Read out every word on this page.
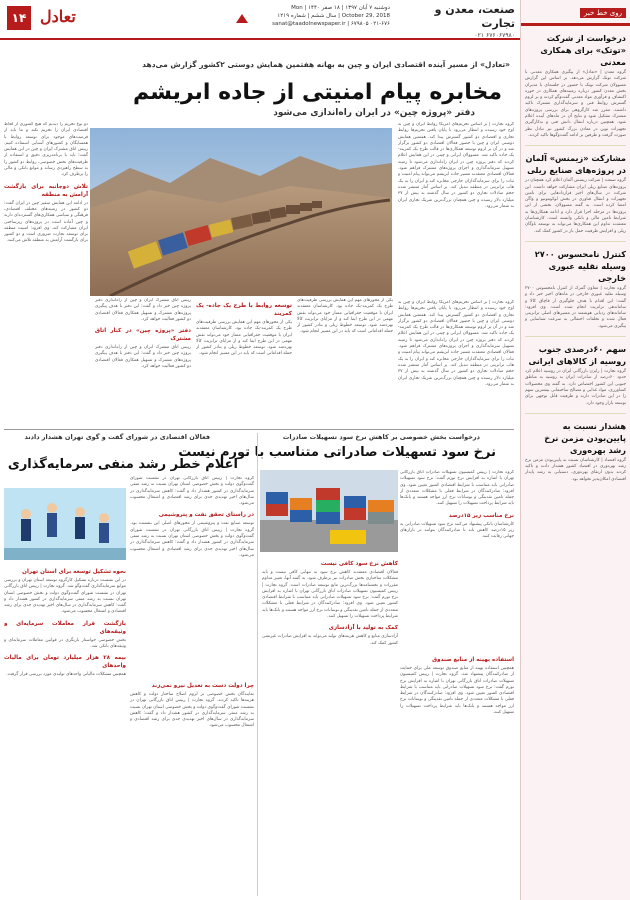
۱۴ تعادل	دوشنبه ۷ آبان ۱۳۹۷ | ۱۸ صفر ۱۴۴۰ | Mon October 29, 2018 | سال ششم | شماره ۱۲۱۹
sanat@taadolnewspaper.ir | ۶۷۹۸۰۵ ۰۲۱-۶۷۶
صنعت، معدن و تجارت
۶۷۶۰۶۷۹۸۰ ۰۲۱
روی خط خبر
درخواست از شرکت «توتک» برای همکاری معدنی
گروه معدن | «تعادل» از پیگیری همکاری معدنی با شرکت توتک گزارش می‌دهد. بر اساس این گزارش مسوولان شرکت توتک با حضور در جلسه‌ای با مدیران بخش معدن کشور درباره زمینه‌های همکاری در حوزه اکتشاف و فرآوری مواد معدنی گفت‌وگو کردند و بر لزوم گسترش روابط فنی و سرمایه‌گذاری مشترک تاکید داشتند. مقرر شد کارگروهی برای بررسی پروژه‌های مشترک تشکیل شود و نتایج آن در ماه‌های آینده اعلام شود. همچنین درباره انتقال دانش فنی و به‌کارگیری تجهیزات نوین در معادن بزرگ کشور نیز تبادل نظر صورت گرفت و طرفین بر ادامه گفت‌وگوها تاکید کردند.
مشارکت «زیمنس» آلمان در پروژه‌های صنایع ریلی
گروه صنعت | شرکت زیمنس آلمان اعلام کرد همچنان در پروژه‌های صنایع ریلی ایران مشارکت خواهد داشت. این شرکت در سال‌های اخیر قراردادهایی برای تامین تجهیزات و انتقال فناوری در بخش لوکوموتیو و واگن امضا کرده است. به گفته مسوولان، بخشی از این پروژه‌ها در مرحله اجرا قرار دارد و ادامه همکاری‌ها به شرایط تامین مالی و بانکی وابسته است. کارشناسان معتقدند تداوم این همکاری‌ها می‌تواند به توسعه ناوگان ریلی و افزایش ظرفیت حمل بار در کشور کمک کند.
کنترل نامحسوس ۲۷۰۰ وسیله نقلیه عبوری خارجی
گروه تجارت | معاون گمرک از کنترل نامحسوس ۲۷۰۰ وسیله نقلیه عبوری خارجی در ماه‌های اخیر خبر داد و گفت: این اقدام با هدف جلوگیری از قاچاق کالا و ساماندهی ترانزیت انجام شده است. وی افزود: سامانه‌های ردیابی هوشمند در مسیرهای اصلی ترانزیتی فعال شده و تخلفات احتمالی به سرعت شناسایی و پیگیری می‌شود.
سهم ۶۰درصدی جنوب روسیه از کالاهای ایرانی
گروه تجارت | رایزن بازرگانی ایران در روسیه اعلام کرد حدود ۶۰درصد از صادرات ایران به روسیه به مناطق جنوبی این کشور اختصاص دارد. به گفته وی محصولات کشاورزی، مواد غذایی و مصالح ساختمانی بیشترین سهم را در این صادرات دارند و ظرفیت قابل توجهی برای توسعه بازار وجود دارد.
هشدار نسبت به پایین‌بودن مزمن نرخ رشد بهره‌وری
گروه اقتصاد | کارشناسان نسبت به پایین‌بودن مزمن نرخ رشد بهره‌وری در اقتصاد کشور هشدار دادند و تاکید کردند بدون ارتقای بهره‌وری، دستیابی به رشد پایدار اقتصادی امکان‌پذیر نخواهد بود.
«تعادل» از مسیر آینده اقتصادی ایران و چین به بهانه هفتمین همایش دوستی ۲کشور گزارش می‌دهد
مخابره پیام امنیتی از جاده ابریشم
دفتر «پروژه چین» در ایران راه‌اندازی می‌شود
گروه تجارت | بر اساس تحریم‌های آمریکا روابط ایران و چین به اوج خود رسیده و انتظار می‌رود با پایان یافتن تحریم‌ها روابط تجاری و اقتصادی دو کشور گسترش پیدا کند. هفتمین همایش دوستی ایران و چین با حضور فعالان اقتصادی دو کشور برگزار شد و در آن بر لزوم توسعه همکاری‌ها در قالب طرح یک کمربند-یک جاده تاکید شد. مسوولان ایرانی و چینی در این همایش اعلام کردند که دفتر پروژه چین در ایران راه‌اندازی می‌شود تا زمینه تسهیل سرمایه‌گذاری و اجرای پروژه‌های مشترک فراهم شود. فعالان اقتصادی معتقدند مسیر جاده ابریشم می‌تواند پیام امنیت و ثبات را برای سرمایه‌گذاران خارجی مخابره کند و ایران را به یک هاب ترانزیتی در منطقه تبدیل کند. بر اساس آمار منتشر شده حجم مبادلات تجاری دو کشور در سال گذشته به بیش از ۳۷ میلیارد دلار رسیده و چین همچنان بزرگ‌ترین شریک تجاری ایران به شمار می‌رود.
گروه تجارت | بر اساس تحریم‌های آمریکا روابط ایران و چین به اوج خود رسیده و انتظار می‌رود با پایان یافتن تحریم‌ها روابط تجاری و اقتصادی دو کشور گسترش پیدا کند. هفتمین همایش دوستی ایران و چین با حضور فعالان اقتصادی دو کشور برگزار شد و در آن بر لزوم توسعه همکاری‌ها در قالب طرح یک کمربند-یک جاده تاکید شد. مسوولان ایرانی و چینی در این همایش اعلام کردند که دفتر پروژه چین در ایران راه‌اندازی می‌شود تا زمینه تسهیل سرمایه‌گذاری و اجرای پروژه‌های مشترک فراهم شود. فعالان اقتصادی معتقدند مسیر جاده ابریشم می‌تواند پیام امنیت و ثبات را برای سرمایه‌گذاران خارجی مخابره کند و ایران را به یک هاب ترانزیتی در منطقه تبدیل کند. بر اساس آمار منتشر شده حجم مبادلات تجاری دو کشور در سال گذشته به بیش از ۳۷ میلیارد دلار رسیده و چین همچنان بزرگ‌ترین شریک تجاری ایران به شمار می‌رود.
یکی از محورهای مهم این همایش بررسی ظرفیت‌های طرح یک کمربند-یک جاده بود. کارشناسان معتقدند ایران با موقعیت جغرافیایی ممتاز خود می‌تواند نقش مهمی در این طرح ایفا کند و از مزایای ترانزیت کالا بهره‌مند شود. توسعه خطوط ریلی و بنادر کشور از جمله اقداماتی است که باید در این مسیر انجام شود.
توسعه روابط با طرح یک جاده- یک کمربند
یکی از محورهای مهم این همایش بررسی ظرفیت‌های طرح یک کمربند-یک جاده بود. کارشناسان معتقدند ایران با موقعیت جغرافیایی ممتاز خود می‌تواند نقش مهمی در این طرح ایفا کند و از مزایای ترانزیت کالا بهره‌مند شود. توسعه خطوط ریلی و بنادر کشور از جمله اقداماتی است که باید در این مسیر انجام شود.
رییس اتاق مشترک ایران و چین از راه‌اندازی دفتر پروژه چین خبر داد و گفت: این دفتر با هدف پیگیری پروژه‌های مشترک و تسهیل همکاری فعالان اقتصادی دو کشور فعالیت خواهد کرد.
دفتر «پروژه چین» در کنار اتاق مشترک
رییس اتاق مشترک ایران و چین از راه‌اندازی دفتر پروژه چین خبر داد و گفت: این دفتر با هدف پیگیری پروژه‌های مشترک و تسهیل همکاری فعالان اقتصادی دو کشور فعالیت خواهد کرد.
دو نوع تحریم را دیدیم که هیچ کشوری از لحاظ اقتصادی ایران را تحریم نکند و ما باید از فرصت‌های موجود برای توسعه روابط با همسایگان و کشورهای آسیایی استفاده کنیم. رییس اتاق مشترک ایران و چین در این همایش گفت: باید با برنامه‌ریزی دقیق و استفاده از ظرفیت‌های بخش خصوصی، روابط دو کشور را به سطح راهبردی رساند و موانع بانکی و مالی را برطرف کرد.
تلاش دوجانبه برای بازگشت آرامش به منطقه
در ادامه این همایش سفیر چین در ایران گفت: دو کشور در زمینه‌های مختلف اقتصادی، فرهنگی و سیاسی همکاری‌های گسترده‌ای دارند و چین آماده است در پروژه‌های زیرساختی ایران مشارکت کند. وی افزود: امنیت منطقه برای توسعه تجارت ضروری است و دو کشور برای بازگشت آرامش به منطقه تلاش می‌کنند.
درخواست بخش خصوصی بر کاهش نرخ سود تسهیلات صادرات
نرخ سود تسهیلات صادراتی متناسب با تورم نیست
گروه تجارت | رییس کمیسیون تسهیلات صادرات اتاق بازرگانی تهران با اشاره به افزایش نرخ تورم گفت: نرخ سود تسهیلات صادراتی باید متناسب با شرایط اقتصادی کشور تعیین شود. وی افزود: صادرکنندگان در شرایط فعلی با مشکلات متعددی از جمله تامین نقدینگی و نوسانات نرخ ارز مواجه هستند و بانک‌ها باید شرایط پرداخت تسهیلات را تسهیل کنند.
نرخ مناسب زیر ۱۵درصد
کارشناسان بانکی پیشنهاد می‌کنند نرخ سود تسهیلات صادراتی به زیر ۱۵درصد کاهش یابد تا صادرکنندگان بتوانند در بازارهای جهانی رقابت کنند.
استفاده بهینه از منابع صندوق
همچنین استفاده بهینه از منابع صندوق توسعه ملی برای حمایت از صادرکنندگان پیشنهاد شد. گروه تجارت | رییس کمیسیون تسهیلات صادرات اتاق بازرگانی تهران با اشاره به افزایش نرخ تورم گفت: نرخ سود تسهیلات صادراتی باید متناسب با شرایط اقتصادی کشور تعیین شود. وی افزود: صادرکنندگان در شرایط فعلی با مشکلات متعددی از جمله تامین نقدینگی و نوسانات نرخ ارز مواجه هستند و بانک‌ها باید شرایط پرداخت تسهیلات را تسهیل کنند.
کاهش نرخ سود کافی نیست
فعالان اقتصادی معتقدند کاهش نرخ سود به تنهایی کافی نیست و باید مشکلات ساختاری بخش صادرات نیز برطرف شود. به گفته آنها، تغییر مداوم مقررات و بخشنامه‌ها بزرگ‌ترین مانع توسعه صادرات است. گروه تجارت | رییس کمیسیون تسهیلات صادرات اتاق بازرگانی تهران با اشاره به افزایش نرخ تورم گفت: نرخ سود تسهیلات صادراتی باید متناسب با شرایط اقتصادی کشور تعیین شود. وی افزود: صادرکنندگان در شرایط فعلی با مشکلات متعددی از جمله تامین نقدینگی و نوسانات نرخ ارز مواجه هستند و بانک‌ها باید شرایط پرداخت تسهیلات را تسهیل کنند.
کمک به تولید با آزادسازی
آزادسازی منابع و کاهش هزینه‌های تولید می‌تواند به افزایش صادرات غیرنفتی کشور کمک کند.
فعالان اقتصادی در شورای گفت و گوی تهران هشدار دادند
اعلام خطر رشد منفی سرمایه‌گذاری
گروه تجارت | رییس اتاق بازرگانی تهران در نشست شورای گفت‌وگوی دولت و بخش خصوصی استان تهران نسبت به رشد منفی سرمایه‌گذاری در کشور هشدار داد و گفت: کاهش سرمایه‌گذاری در سال‌های اخیر تهدیدی جدی برای رشد اقتصادی و اشتغال محسوب می‌شود.
در راستای تحقق نفت و پتروشیمی
توسعه صنایع نفت و پتروشیمی از محورهای اصلی این نشست بود. گروه تجارت | رییس اتاق بازرگانی تهران در نشست شورای گفت‌وگوی دولت و بخش خصوصی استان تهران نسبت به رشد منفی سرمایه‌گذاری در کشور هشدار داد و گفت: کاهش سرمایه‌گذاری در سال‌های اخیر تهدیدی جدی برای رشد اقتصادی و اشتغال محسوب می‌شود.
چرا دولت دست به تعدیل نیرو نمی‌زند
نمایندگان بخش خصوصی بر لزوم اصلاح ساختار دولت و کاهش هزینه‌ها تاکید کردند. گروه تجارت | رییس اتاق بازرگانی تهران در نشست شورای گفت‌وگوی دولت و بخش خصوصی استان تهران نسبت به رشد منفی سرمایه‌گذاری در کشور هشدار داد و گفت: کاهش سرمایه‌گذاری در سال‌های اخیر تهدیدی جدی برای رشد اقتصادی و اشتغال محسوب می‌شود.
نحوه تشکیل توسعه برای استان تهران
در این نشست درباره تشکیل کارگروه توسعه استان تهران و بررسی موانع سرمایه‌گذاری گفت‌وگو شد. گروه تجارت | رییس اتاق بازرگانی تهران در نشست شورای گفت‌وگوی دولت و بخش خصوصی استان تهران نسبت به رشد منفی سرمایه‌گذاری در کشور هشدار داد و گفت: کاهش سرمایه‌گذاری در سال‌های اخیر تهدیدی جدی برای رشد اقتصادی و اشتغال محسوب می‌شود.
بازگشت قرار معاملات سرمایه‌ای و وثیقه‌های
بخش خصوصی خواستار بازنگری در قوانین معاملات سرمایه‌ای و وثیقه‌های بانکی شد.
بیمه ۲۸ هزار میلیارد تومان برای مالیات واحدهای
همچنین مشکلات مالیاتی واحدهای تولیدی مورد بررسی قرار گرفت.
